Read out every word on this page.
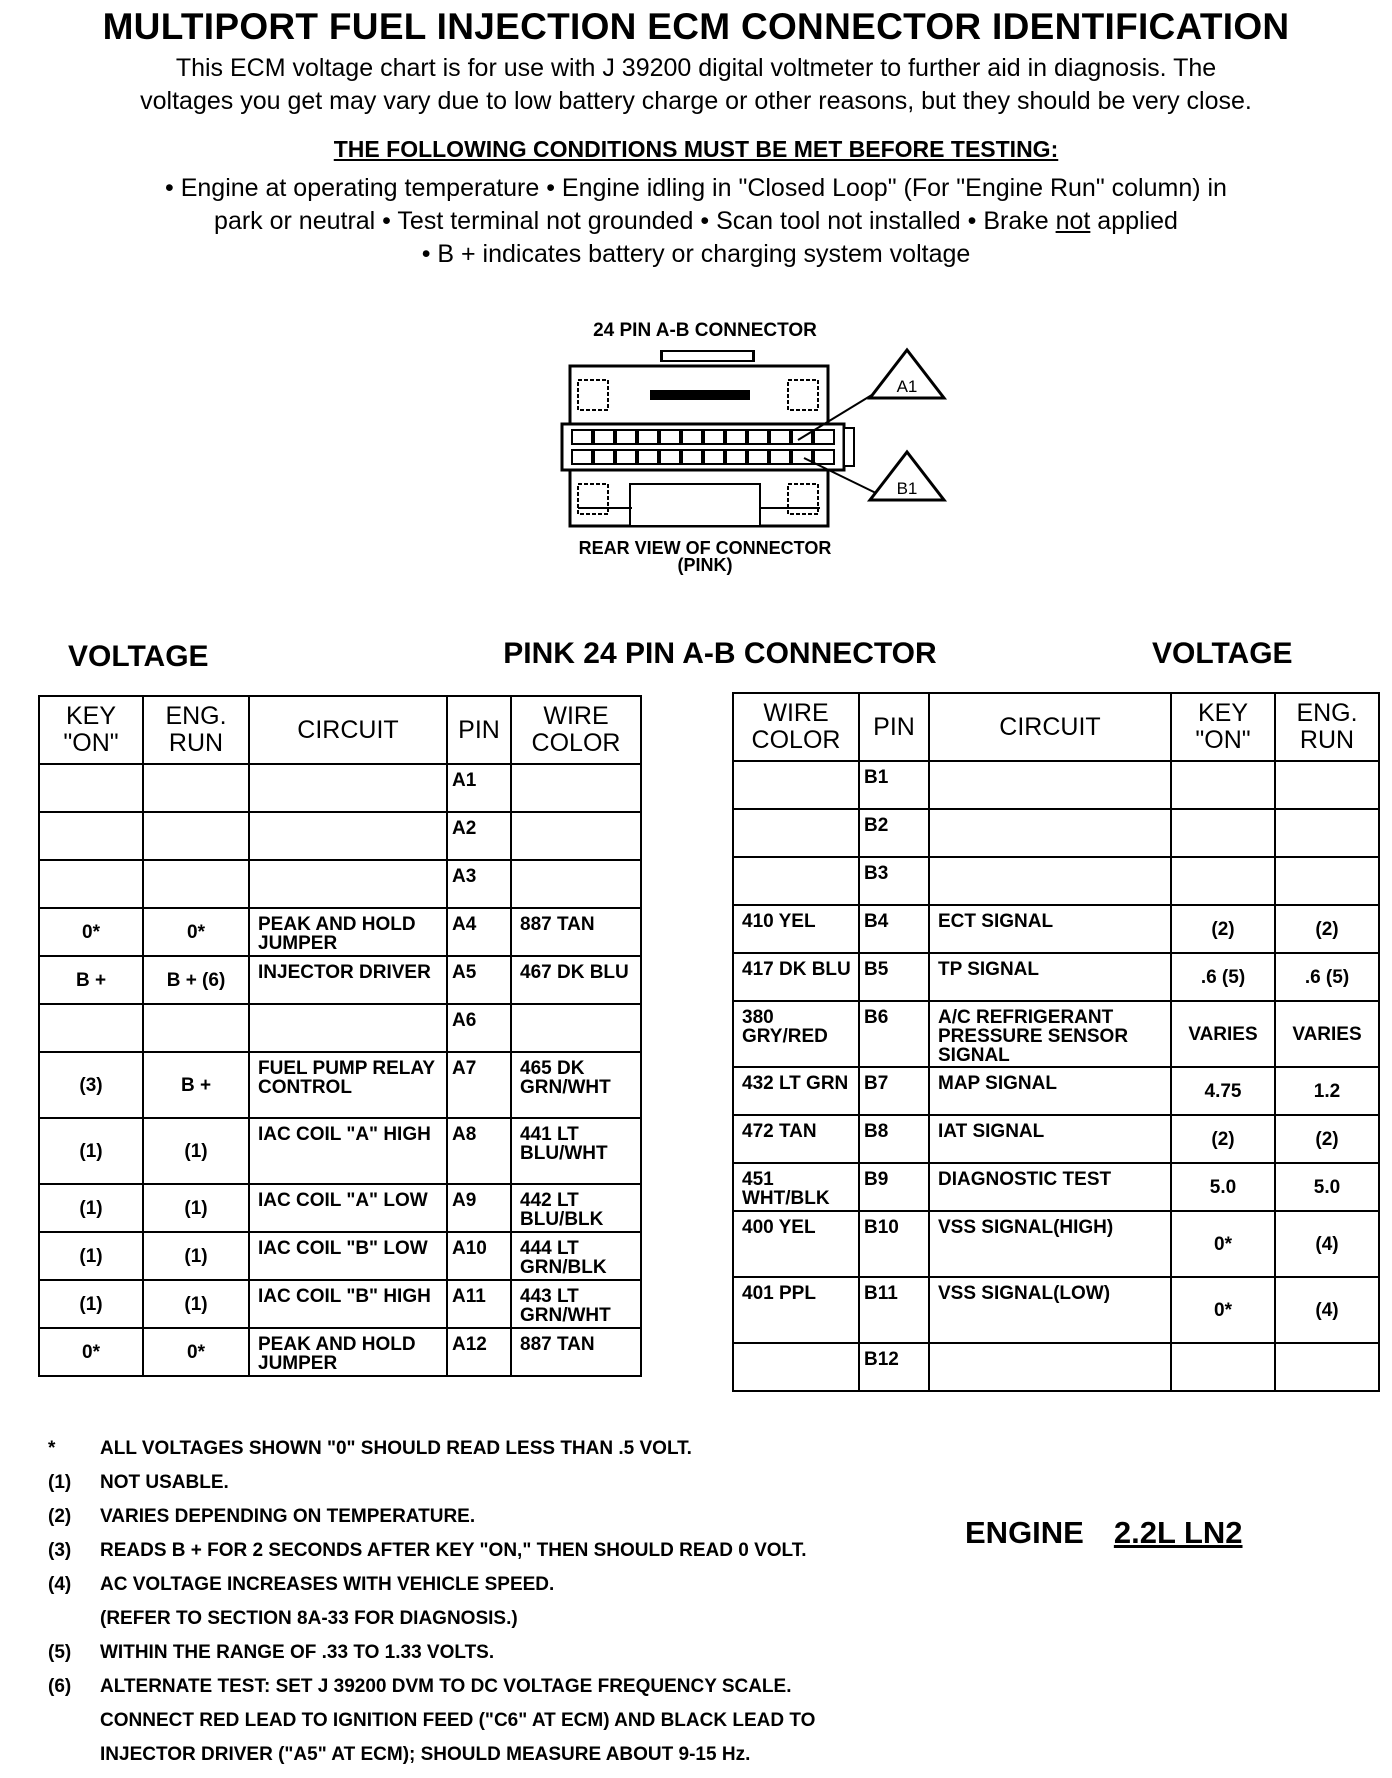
MULTIPORT FUEL INJECTION ECM CONNECTOR IDENTIFICATION
This ECM voltage chart is for use with J 39200 digital voltmeter to further aid in diagnosis. The
voltages you get may vary due to low battery charge or other reasons, but they should be very close.
THE FOLLOWING CONDITIONS MUST BE MET BEFORE TESTING:
• Engine at operating temperature • Engine idling in "Closed Loop" (For "Engine Run" column) in
park or neutral • Test terminal not grounded • Scan tool not installed • Brake not applied
• B + indicates battery or charging system voltage
24 PIN A-B CONNECTOR
A1
B1
REAR VIEW OF CONNECTOR
(PINK)
VOLTAGE	PINK 24 PIN A-B CONNECTOR	VOLTAGE
KEY "ON"	ENG. RUN	CIRCUIT	PIN	WIRE COLOR
			A1	
			A2	
			A3	
0*	0*	PEAK AND HOLD JUMPER	A4	887 TAN
B +	B + (6)	INJECTOR DRIVER	A5	467 DK BLU
			A6	
(3)	B +	FUEL PUMP RELAY CONTROL	A7	465 DK GRN/WHT
(1)	(1)	IAC COIL "A" HIGH	A8	441 LT BLU/WHT
(1)	(1)	IAC COIL "A" LOW	A9	442 LT BLU/BLK
(1)	(1)	IAC COIL "B" LOW	A10	444 LT GRN/BLK
(1)	(1)	IAC COIL "B" HIGH	A11	443 LT GRN/WHT
0*	0*	PEAK AND HOLD JUMPER	A12	887 TAN
WIRE COLOR	PIN	CIRCUIT	KEY "ON"	ENG. RUN
	B1			
	B2			
	B3			
410 YEL	B4	ECT SIGNAL	(2)	(2)
417 DK BLU	B5	TP SIGNAL	.6 (5)	.6 (5)
380 GRY/RED	B6	A/C REFRIGERANT PRESSURE SENSOR SIGNAL	VARIES	VARIES
432 LT GRN	B7	MAP SIGNAL	4.75	1.2
472 TAN	B8	IAT SIGNAL	(2)	(2)
451 WHT/BLK	B9	DIAGNOSTIC TEST	5.0	5.0
400 YEL	B10	VSS SIGNAL(HIGH)	0*	(4)
401 PPL	B11	VSS SIGNAL(LOW)	0*	(4)
	B12			
*	ALL VOLTAGES SHOWN "0" SHOULD READ LESS THAN .5 VOLT.
(1)	NOT USABLE.
(2)	VARIES DEPENDING ON TEMPERATURE.
(3)	READS B + FOR 2 SECONDS AFTER KEY "ON," THEN SHOULD READ 0 VOLT.
(4)	AC VOLTAGE INCREASES WITH VEHICLE SPEED.
(REFER TO SECTION 8A-33 FOR DIAGNOSIS.)
(5)	WITHIN THE RANGE OF .33 TO 1.33 VOLTS.
(6)	ALTERNATE TEST: SET J 39200 DVM TO DC VOLTAGE FREQUENCY SCALE.
CONNECT RED LEAD TO IGNITION FEED ("C6" AT ECM) AND BLACK LEAD TO
INJECTOR DRIVER ("A5" AT ECM); SHOULD MEASURE ABOUT 9-15 Hz.
ENGINE 2.2L LN2
